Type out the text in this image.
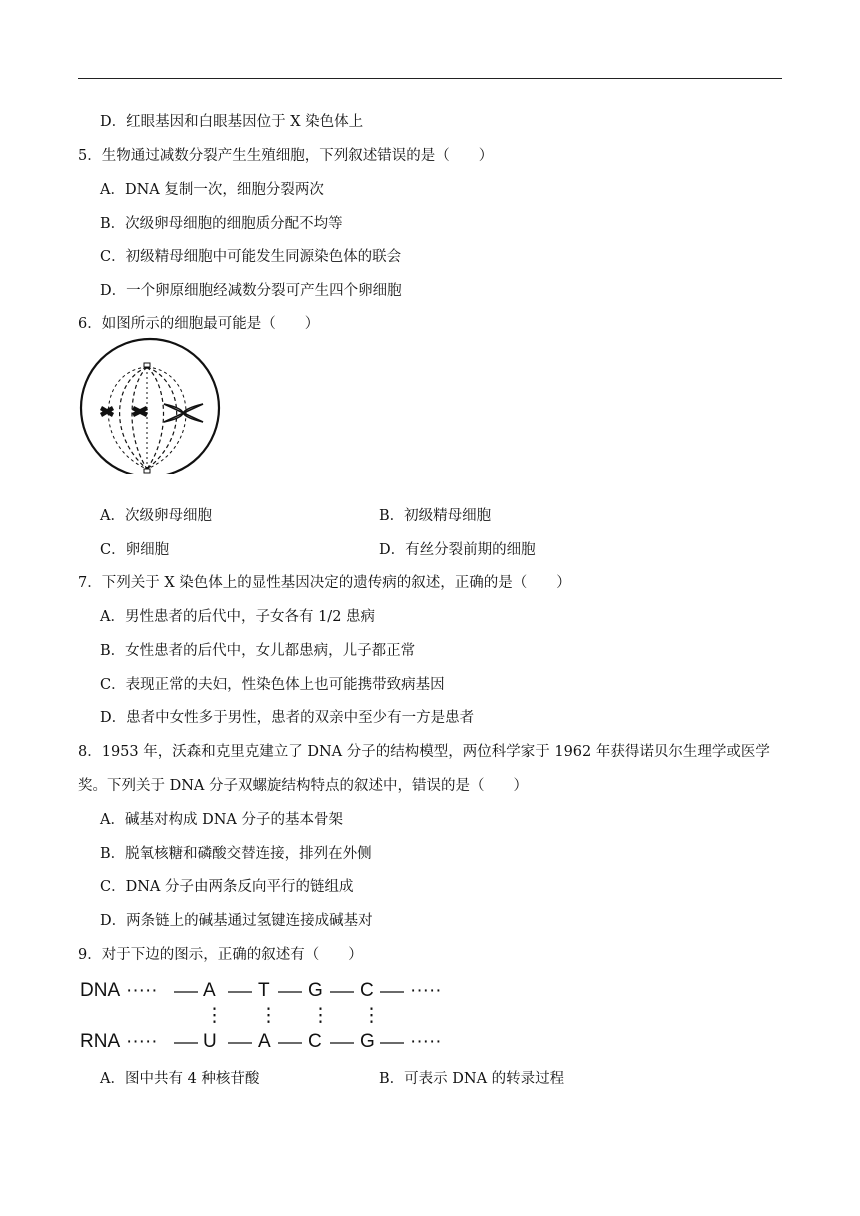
D．红眼基因和白眼基因位于 X 染色体上
5．生物通过减数分裂产生生殖细胞，下列叙述错误的是（　　）
A．DNA 复制一次，细胞分裂两次
B．次级卵母细胞的细胞质分配不均等
C．初级精母细胞中可能发生同源染色体的联会
D．一个卵原细胞经减数分裂可产生四个卵细胞
6．如图所示的细胞最可能是（　　）
A．次级卵母细胞	B．初级精母细胞
C．卵细胞	D．有丝分裂前期的细胞
7．下列关于 X 染色体上的显性基因决定的遗传病的叙述，正确的是（　　）
A．男性患者的后代中，子女各有 1/2 患病
B．女性患者的后代中，女儿都患病，儿子都正常
C．表现正常的夫妇，性染色体上也可能携带致病基因
D．患者中女性多于男性，患者的双亲中至少有一方是患者
8．1953 年，沃森和克里克建立了 DNA 分子的结构模型，两位科学家于 1962 年获得诺贝尔生理学或医学
奖。下列关于 DNA 分子双螺旋结构特点的叙述中，错误的是（　　）
A．碱基对构成 DNA 分子的基本骨架
B．脱氧核糖和磷酸交替连接，排列在外侧
C．DNA 分子由两条反向平行的链组成
D．两条链上的碱基通过氢键连接成碱基对
9．对于下边的图示，正确的叙述有（　　）
DNA ····· A T G C ·····
⋮ ⋮ ⋮ ⋮
RNA ····· U A C G ·····
A．图中共有 4 种核苷酸	B．可表示 DNA 的转录过程
